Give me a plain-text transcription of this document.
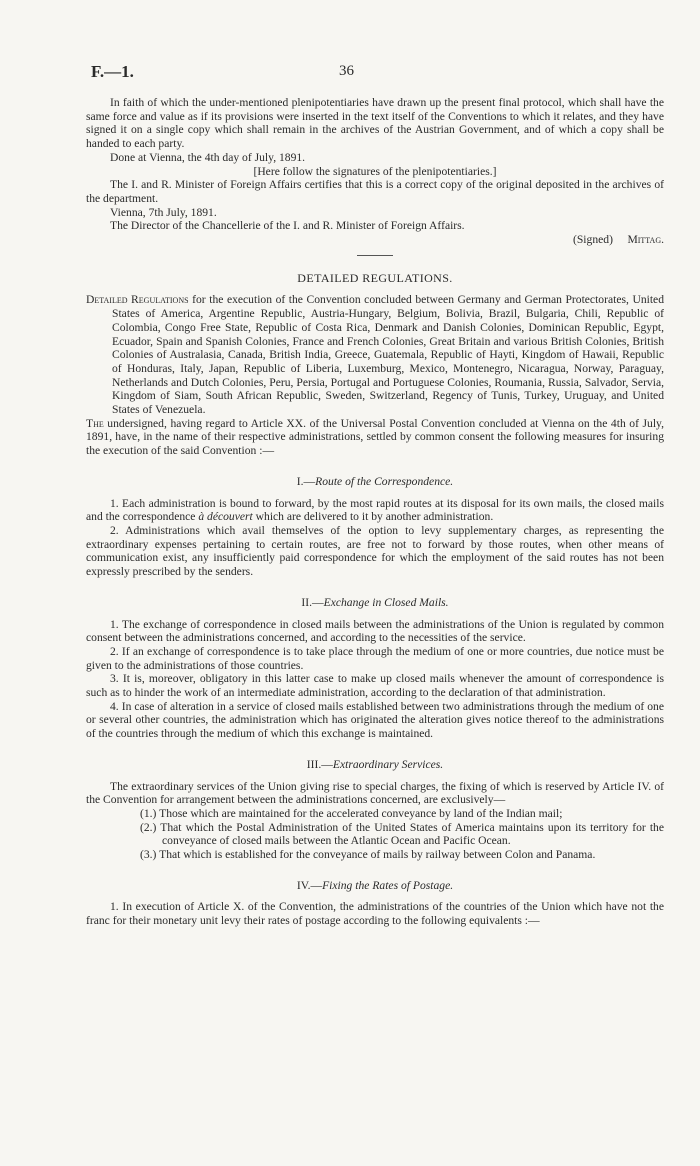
F.—1.	36

In faith of which the under-mentioned plenipotentiaries have drawn up the present final protocol, which shall have the same force and value as if its provisions were inserted in the text itself of the Conventions to which it relates, and they have signed it on a single copy which shall remain in the archives of the Austrian Government, and of which a copy shall be handed to each party.

Done at Vienna, the 4th day of July, 1891.

[Here follow the signatures of the plenipotentiaries.]

The I. and R. Minister of Foreign Affairs certifies that this is a correct copy of the original deposited in the archives of the department.

Vienna, 7th July, 1891.

The Director of the Chancellerie of the I. and R. Minister of Foreign Affairs.

(Signed) Mittag.

DETAILED REGULATIONS.

Detailed Regulations for the execution of the Convention concluded between Germany and German Protectorates, United States of America, Argentine Republic, Austria-Hungary, Belgium, Bolivia, Brazil, Bulgaria, Chili, Republic of Colombia, Congo Free State, Republic of Costa Rica, Denmark and Danish Colonies, Dominican Republic, Egypt, Ecuador, Spain and Spanish Colonies, France and French Colonies, Great Britain and various British Colonies, British Colonies of Australasia, Canada, British India, Greece, Guatemala, Republic of Hayti, Kingdom of Hawaii, Republic of Honduras, Italy, Japan, Republic of Liberia, Luxemburg, Mexico, Montenegro, Nicaragua, Norway, Paraguay, Netherlands and Dutch Colonies, Peru, Persia, Portugal and Portuguese Colonies, Roumania, Russia, Salvador, Servia, Kingdom of Siam, South African Republic, Sweden, Switzerland, Regency of Tunis, Turkey, Uruguay, and United States of Venezuela.

The undersigned, having regard to Article XX. of the Universal Postal Convention concluded at Vienna on the 4th of July, 1891, have, in the name of their respective administrations, settled by common consent the following measures for insuring the execution of the said Convention :—

I.—Route of the Correspondence.

1. Each administration is bound to forward, by the most rapid routes at its disposal for its own mails, the closed mails and the correspondence à découvert which are delivered to it by another administration.

2. Administrations which avail themselves of the option to levy supplementary charges, as representing the extraordinary expenses pertaining to certain routes, are free not to forward by those routes, when other means of communication exist, any insufficiently paid correspondence for which the employment of the said routes has not been expressly prescribed by the senders.

II.—Exchange in Closed Mails.

1. The exchange of correspondence in closed mails between the administrations of the Union is regulated by common consent between the administrations concerned, and according to the necessities of the service.

2. If an exchange of correspondence is to take place through the medium of one or more countries, due notice must be given to the administrations of those countries.

3. It is, moreover, obligatory in this latter case to make up closed mails whenever the amount of correspondence is such as to hinder the work of an intermediate administration, according to the declaration of that administration.

4. In case of alteration in a service of closed mails established between two administrations through the medium of one or several other countries, the administration which has originated the alteration gives notice thereof to the administrations of the countries through the medium of which this exchange is maintained.

III.—Extraordinary Services.

The extraordinary services of the Union giving rise to special charges, the fixing of which is reserved by Article IV. of the Convention for arrangement between the administrations concerned, are exclusively—

(1.) Those which are maintained for the accelerated conveyance by land of the Indian mail;

(2.) That which the Postal Administration of the United States of America maintains upon its territory for the conveyance of closed mails between the Atlantic Ocean and Pacific Ocean.

(3.) That which is established for the conveyance of mails by railway between Colon and Panama.

IV.—Fixing the Rates of Postage.

1. In execution of Article X. of the Convention, the administrations of the countries of the Union which have not the franc for their monetary unit levy their rates of postage according to the following equivalents :—
